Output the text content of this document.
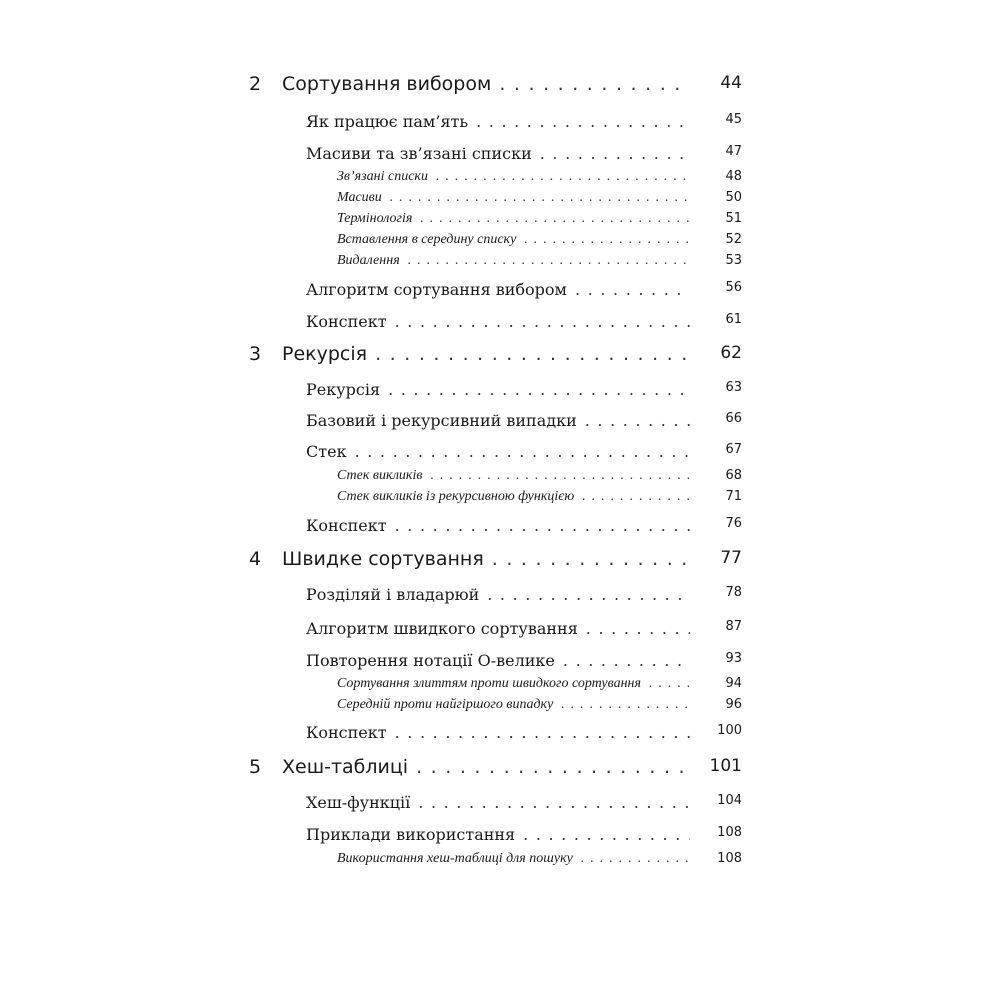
2 Сортування вибором . . .	44
Як працює пам’ять . . .	45
Масиви та зв’язані списки . . .	47
Зв’язані списки . . .	48
Масиви . . .	50
Термінологія . . .	51
Вставлення в середину списку . . .	52
Видалення . . .	53
Алгоритм сортування вибором . . .	56
Конспект . . .	61
3 Рекурсія . . .	62
Рекурсія . . .	63
Базовий і рекурсивний випадки . . .	66
Стек . . .	67
Стек викликів . . .	68
Стек викликів із рекурсивною функцією . . .	71
Конспект . . .	76
4 Швидке сортування . . .	77
Розділяй і владарюй . . .	78
Алгоритм швидкого сортування . . .	87
Повторення нотації О-велике . . .	93
Сортування злиттям проти швидкого сортування . . .	94
Середній проти найгіршого випадку . . .	96
Конспект . . .	100
5 Хеш-таблиці . . .	101
Хеш-функції . . .	104
Приклади використання . . .	108
Використання хеш-таблиці для пошуку . . .	108
